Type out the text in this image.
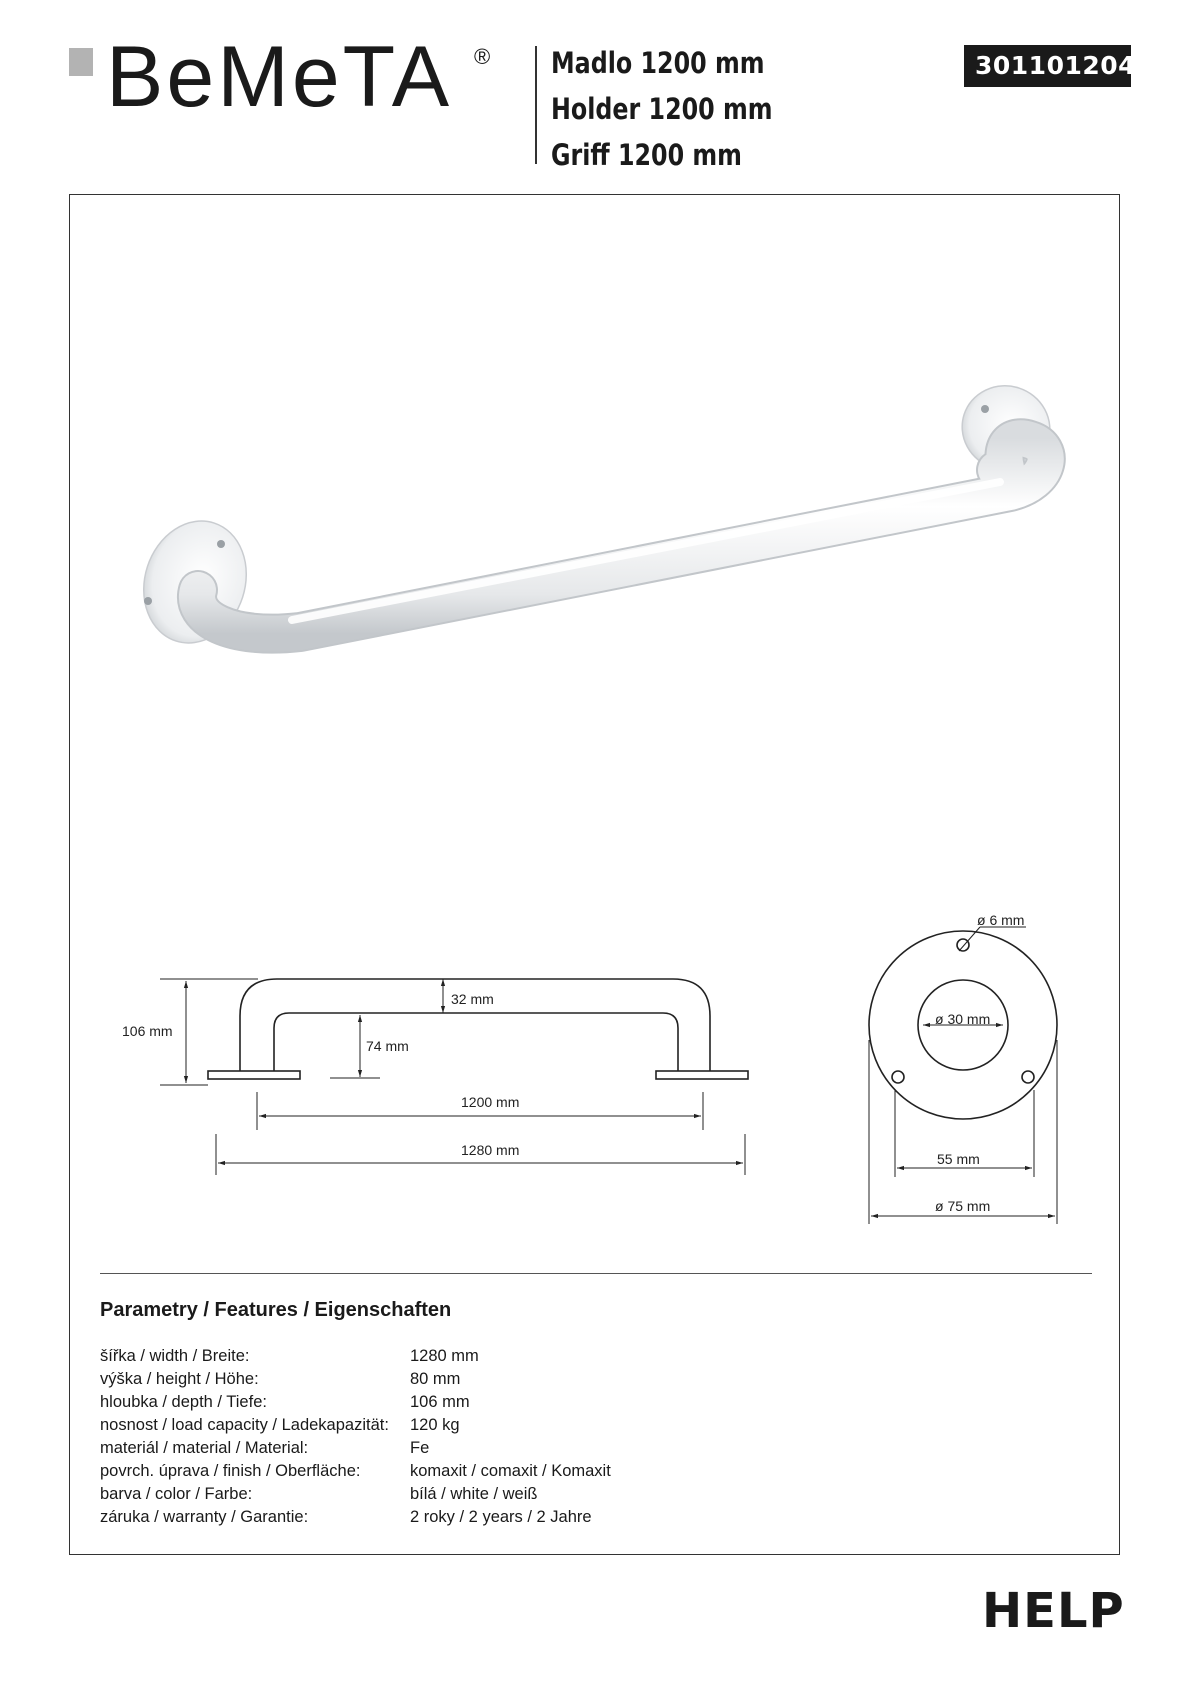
BeMeTA ® Madlo 1200 mm
Holder 1200 mm
Griff 1200 mm
301101204
106 mm
32 mm
74 mm
1200 mm
1280 mm
ø 6 mm
ø 30 mm
55 mm
ø 75 mm
Parametry / Features / Eigenschaften
šířka / width / Breite:	1280 mm
výška / height / Höhe:	80 mm
hloubka / depth / Tiefe:	106 mm
nosnost / load capacity / Ladekapazität:	120 kg
materiál / material / Material:	Fe
povrch. úprava / finish / Oberfläche:	komaxit / comaxit / Komaxit
barva / color / Farbe:	bílá / white / weiß
záruka / warranty / Garantie:	2 roky / 2 years / 2 Jahre
HELP
